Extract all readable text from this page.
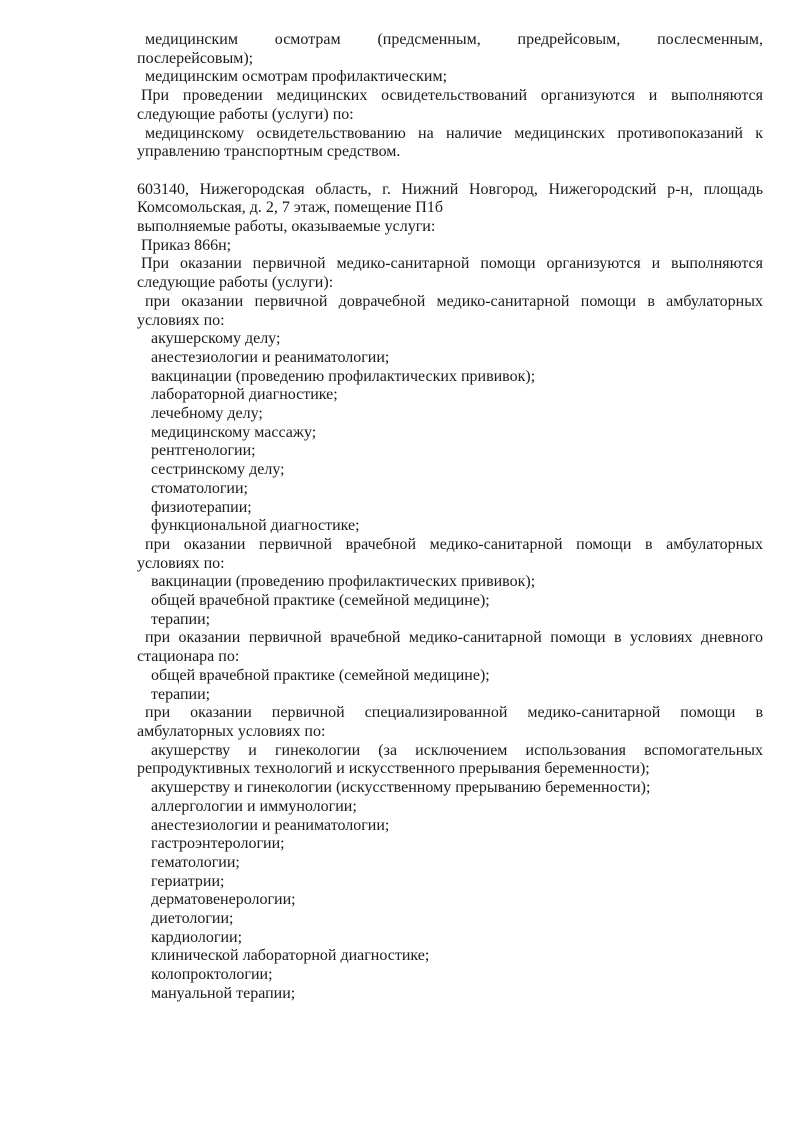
медицинским осмотрам (предсменным, предрейсовым, послесменным,

послерейсовым);

медицинским осмотрам профилактическим;

При проведении медицинских освидетельствований организуются и выполняются

следующие работы (услуги) по:

медицинскому освидетельствованию на наличие медицинских противопоказаний к

управлению транспортным средством.

603140, Нижегородская область, г. Нижний Новгород, Нижегородский р-н, площадь

Комсомольская, д. 2, 7 этаж, помещение П1б

выполняемые работы, оказываемые услуги:

Приказ 866н;

При оказании первичной медико-санитарной помощи организуются и выполняются

следующие работы (услуги):

при оказании первичной доврачебной медико-санитарной помощи в амбулаторных

условиях по:

акушерскому делу;

анестезиологии и реаниматологии;

вакцинации (проведению профилактических прививок);

лабораторной диагностике;

лечебному делу;

медицинскому массажу;

рентгенологии;

сестринскому делу;

стоматологии;

физиотерапии;

функциональной диагностике;

при оказании первичной врачебной медико-санитарной помощи в амбулаторных

условиях по:

вакцинации (проведению профилактических прививок);

общей врачебной практике (семейной медицине);

терапии;

при оказании первичной врачебной медико-санитарной помощи в условиях дневного

стационара по:

общей врачебной практике (семейной медицине);

терапии;

при оказании первичной специализированной медико-санитарной помощи в

амбулаторных условиях по:

акушерству и гинекологии (за исключением использования вспомогательных

репродуктивных технологий и искусственного прерывания беременности);

акушерству и гинекологии (искусственному прерыванию беременности);

аллергологии и иммунологии;

анестезиологии и реаниматологии;

гастроэнтерологии;

гематологии;

гериатрии;

дерматовенерологии;

диетологии;

кардиологии;

клинической лабораторной диагностике;

колопроктологии;

мануальной терапии;
